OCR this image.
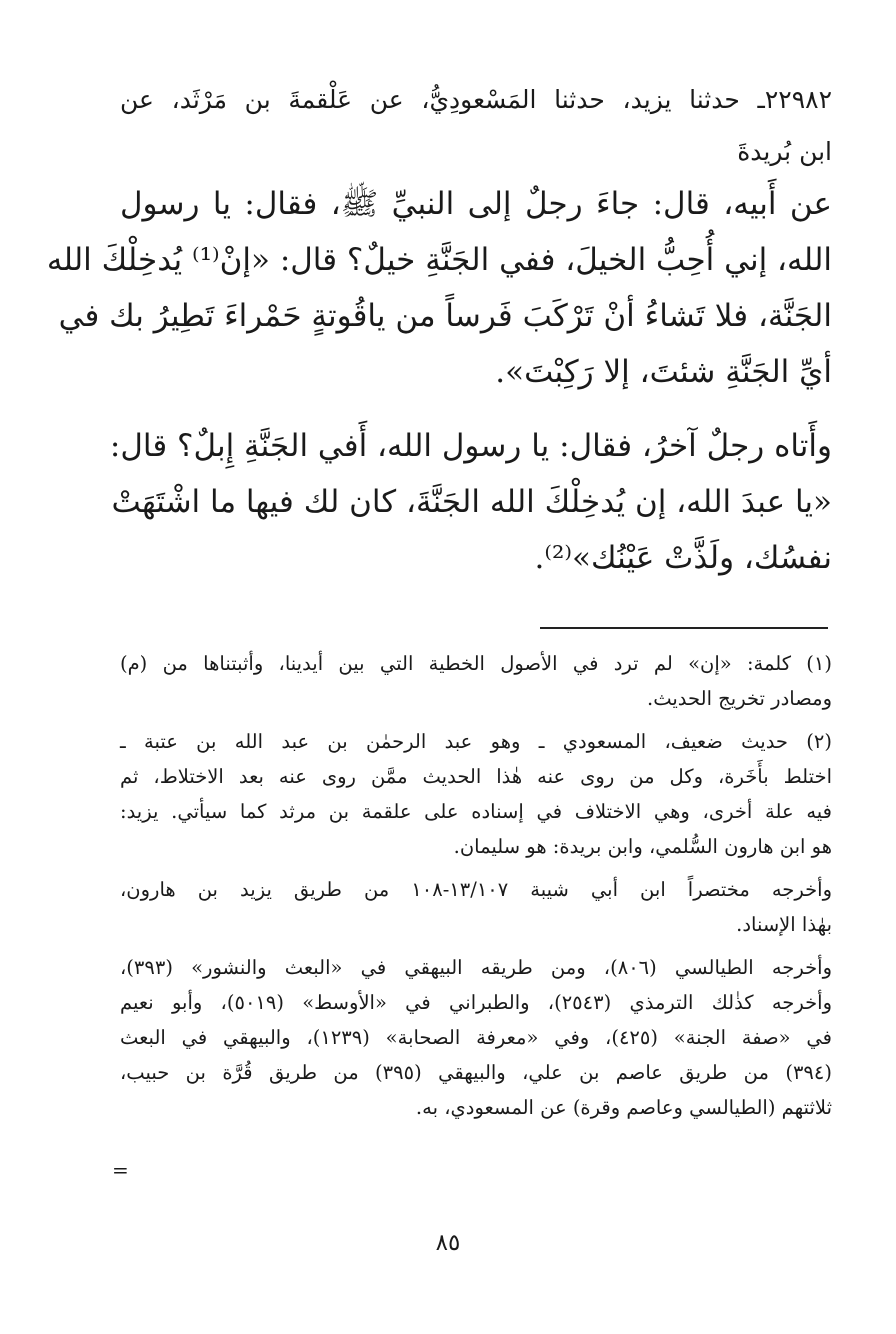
٢٢٩٨٢ـ حدثنا يزيد، حدثنا المَسْعودِيُّ، عن عَلْقمةَ بن مَرْثَد، عن
ابن بُريدةَ
عن أَبيه، قال: جاءَ رجلٌ إلى النبيِّ ﷺ، فقال: يا رسول
الله، إني أُحِبُّ الخيلَ، ففي الجَنَّةِ خيلٌ؟ قال: «إنْ⁽¹⁾ يُدخِلْكَ الله
الجَنَّة، فلا تَشاءُ أنْ تَرْكَبَ فَرساً من ياقُوتةٍ حَمْراءَ تَطِيرُ بك في
أيِّ الجَنَّةِ شئتَ، إلا رَكِبْتَ».
وأَتاه رجلٌ آخرُ، فقال: يا رسول الله، أَفي الجَنَّةِ إِبلٌ؟ قال:
«يا عبدَ الله، إن يُدخِلْكَ الله الجَنَّةَ، كان لك فيها ما اشْتَهَتْ
نفسُك، ولَذَّتْ عَيْنُك»⁽²⁾.
(١) كلمة: «إن» لم ترد في الأصول الخطية التي بين أيدينا، وأثبتناها من (م)
ومصادر تخريج الحديث.
(٢) حديث ضعيف، المسعودي ـ وهو عبد الرحمٰن بن عبد الله بن عتبة ـ
اختلط بأَخَرة، وكل من روى عنه هٰذا الحديث ممَّن روى عنه بعد الاختلاط، ثم
فيه علة أخرى، وهي الاختلاف في إسناده على علقمة بن مرثد كما سيأتي. يزيد:
هو ابن هارون السُّلمي، وابن بريدة: هو سليمان.
وأخرجه مختصراً ابن أبي شيبة ١٣/١٠٧-١٠٨ من طريق يزيد بن هارون،
بهٰذا الإسناد.
وأخرجه الطيالسي (٨٠٦)، ومن طريقه البيهقي في «البعث والنشور» (٣٩٣)،
وأخرجه كذٰلك الترمذي (٢٥٤٣)، والطبراني في «الأوسط» (٥٠١٩)، وأبو نعيم
في «صفة الجنة» (٤٢٥)، وفي «معرفة الصحابة» (١٢٣٩)، والبيهقي في البعث
(٣٩٤) من طريق عاصم بن علي، والبيهقي (٣٩٥) من طريق قُرَّة بن حبيب،
ثلاثتهم (الطيالسي وعاصم وقرة) عن المسعودي، به.
=
٨٥
